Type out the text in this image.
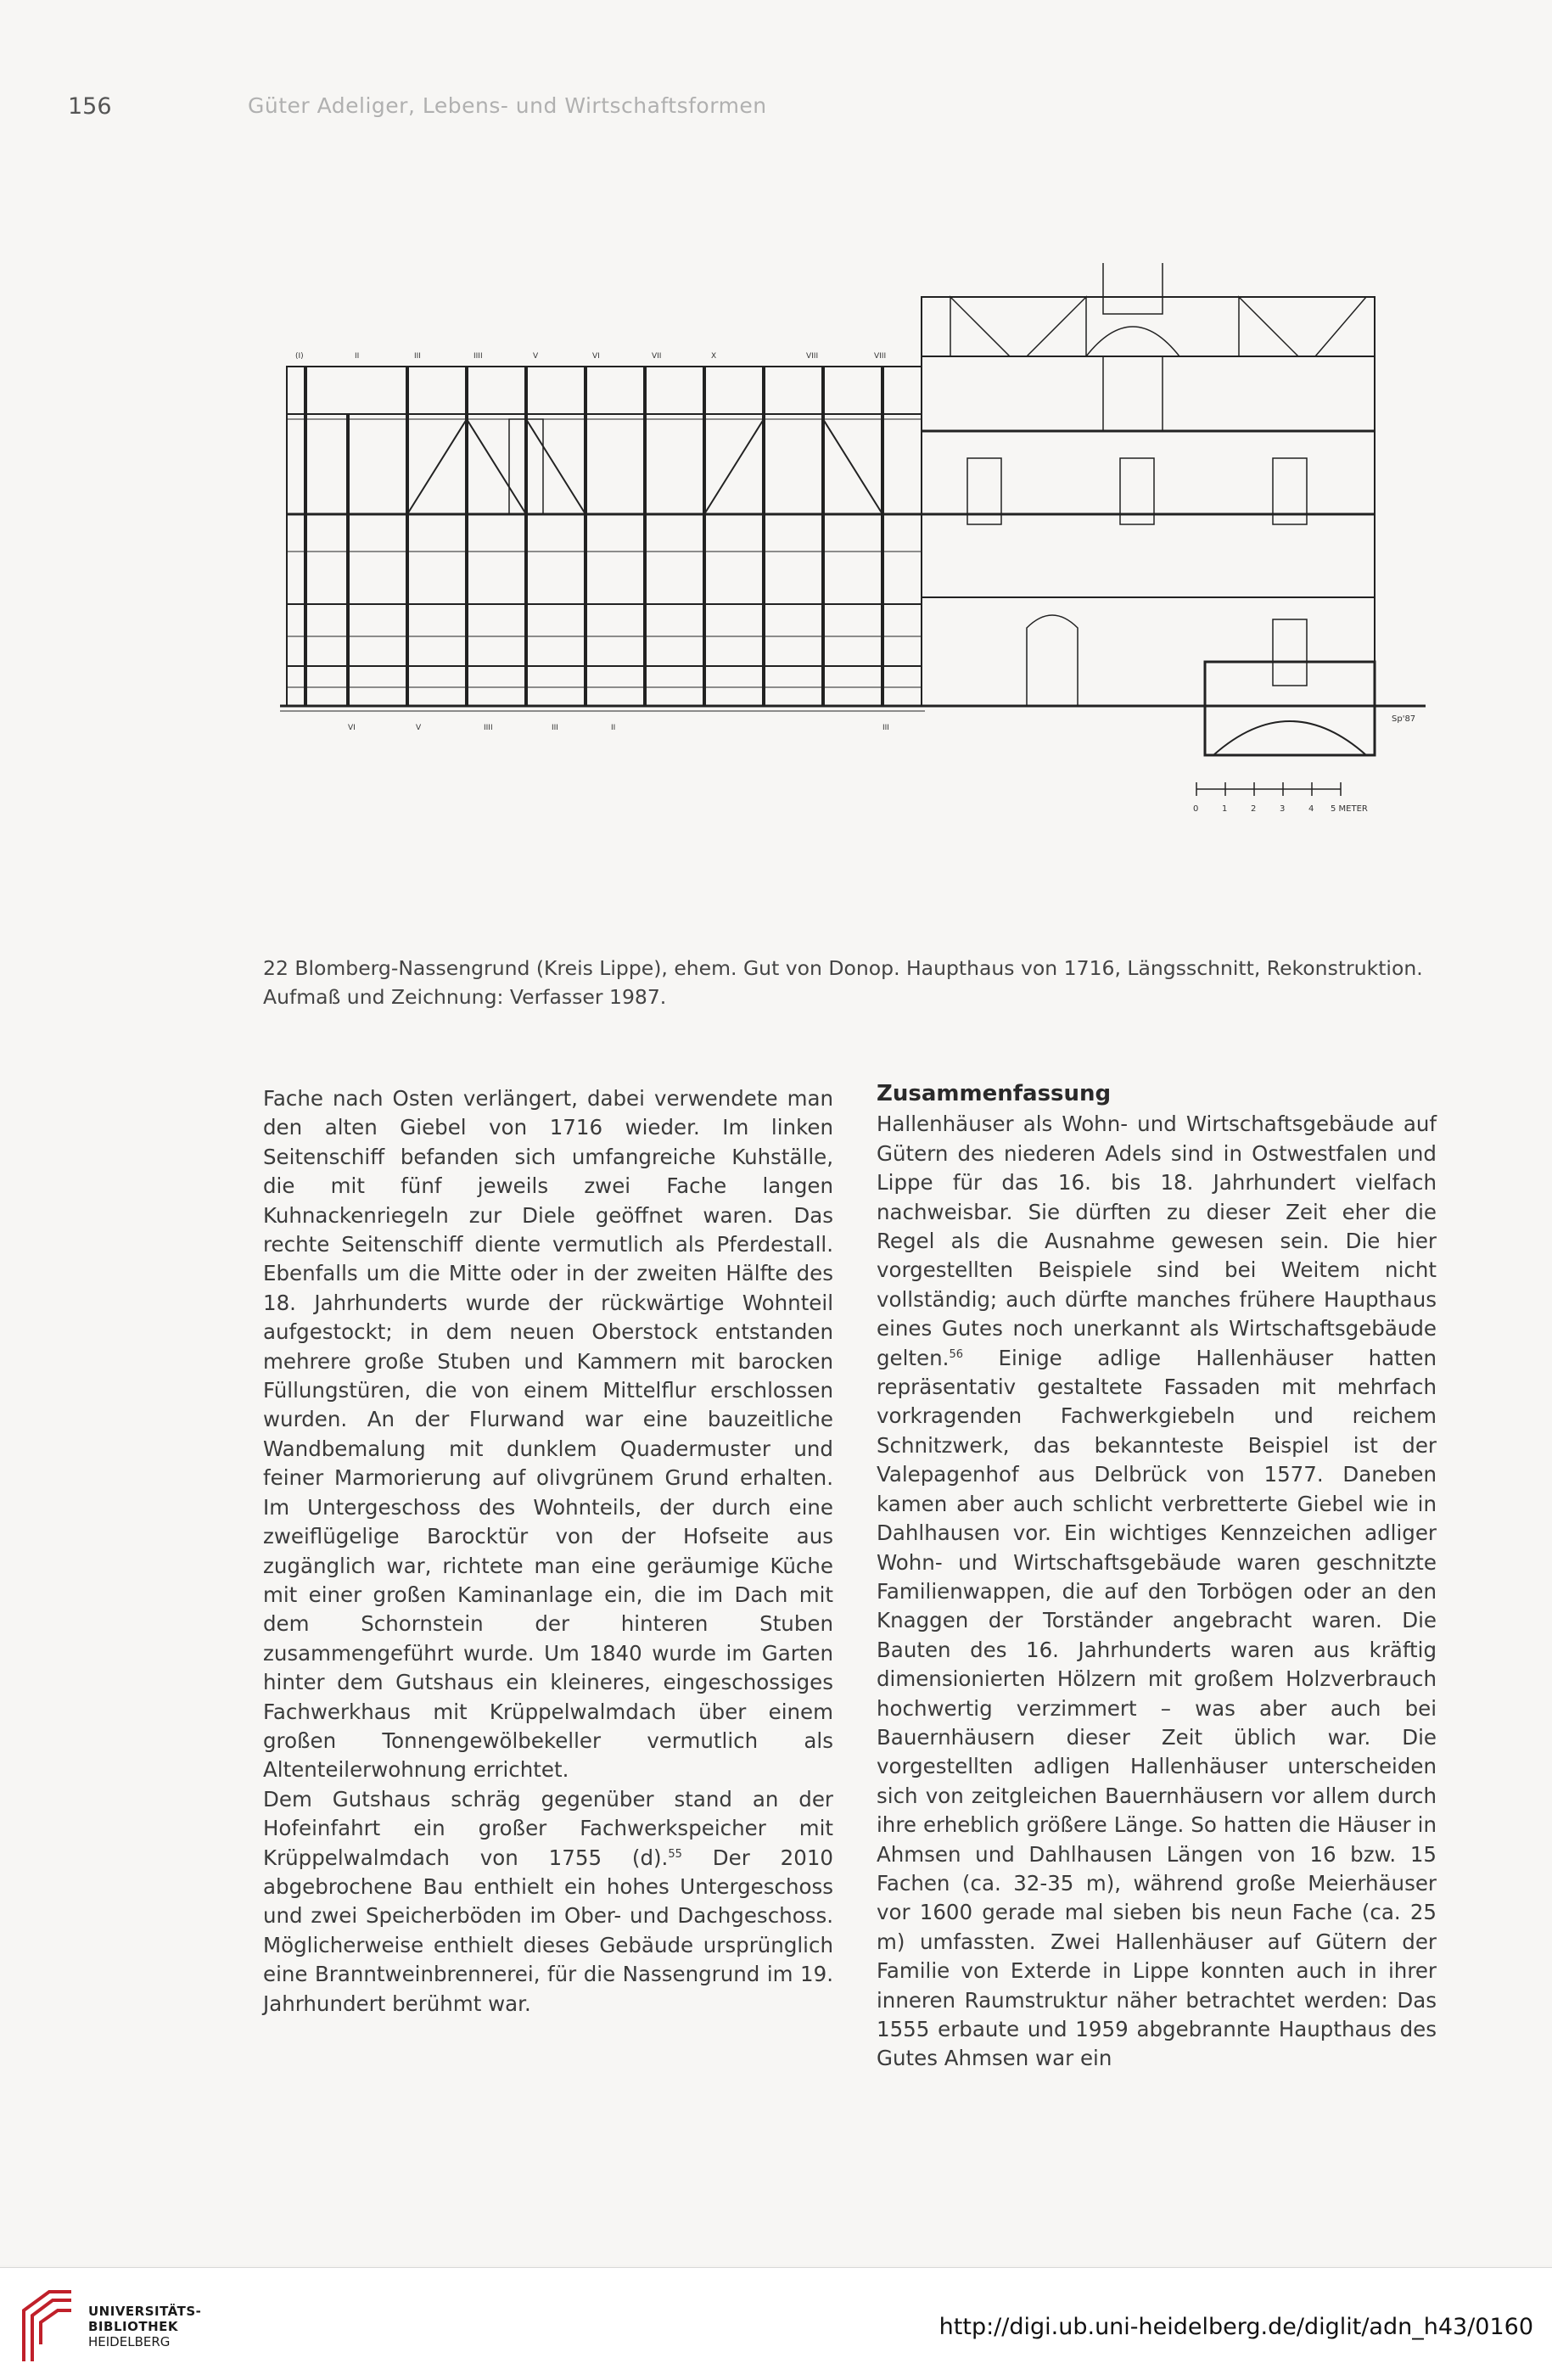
156	Güter Adeliger, Lebens- und Wirtschaftsformen
(I)	II	III	IIII	V	VI	VII	X	VIII	VIII
VI	V	IIII	III	II	III
0	1	2	3	4 5 METER
Sp'87
22 Blomberg-Nassengrund (Kreis Lippe), ehem. Gut von Donop. Haupthaus von 1716, Längsschnitt, Rekonstruktion. Aufmaß und Zeichnung: Verfasser 1987.

Fache nach Osten verlängert, dabei verwendete man den alten Giebel von 1716 wieder. Im linken Seitenschiff befanden sich umfangreiche Kuhställe, die mit fünf jeweils zwei Fache langen Kuhnackenriegeln zur Diele geöffnet waren. Das rechte Seitenschiff diente vermutlich als Pferdestall. Ebenfalls um die Mitte oder in der zweiten Hälfte des 18. Jahrhunderts wurde der rückwärtige Wohnteil aufgestockt; in dem neuen Oberstock entstanden mehrere große Stuben und Kammern mit barocken Füllungstüren, die von einem Mittelflur erschlossen wurden. An der Flurwand war eine bauzeitliche Wandbemalung mit dunklem Quadermuster und feiner Marmorierung auf olivgrünem Grund erhalten. Im Untergeschoss des Wohnteils, der durch eine zweiflügelige Barocktür von der Hofseite aus zugänglich war, richtete man eine geräumige Küche mit einer großen Kaminanlage ein, die im Dach mit dem Schornstein der hinteren Stuben zusammengeführt wurde. Um 1840 wurde im Garten hinter dem Gutshaus ein kleineres, eingeschossiges Fachwerkhaus mit Krüppelwalmdach über einem großen Tonnengewölbekeller vermutlich als Altenteilerwohnung errichtet.

Dem Gutshaus schräg gegenüber stand an der Hofeinfahrt ein großer Fachwerkspeicher mit Krüppelwalmdach von 1755 (d).$^{55}$ Der 2010 abgebrochene Bau enthielt ein hohes Untergeschoss und zwei Speicherböden im Ober- und Dachgeschoss. Möglicherweise enthielt dieses Gebäude ursprünglich eine Branntweinbrennerei, für die Nassengrund im 19. Jahrhundert berühmt war.

Zusammenfassung

Hallenhäuser als Wohn- und Wirtschaftsgebäude auf Gütern des niederen Adels sind in Ostwestfalen und Lippe für das 16. bis 18. Jahrhundert vielfach nachweisbar. Sie dürften zu dieser Zeit eher die Regel als die Ausnahme gewesen sein. Die hier vorgestellten Beispiele sind bei Weitem nicht vollständig; auch dürfte manches frühere Haupthaus eines Gutes noch unerkannt als Wirtschaftsgebäude gelten.$^{56}$ Einige adlige Hallenhäuser hatten repräsentativ gestaltete Fassaden mit mehrfach vorkragenden Fachwerkgiebeln und reichem Schnitzwerk, das bekannteste Beispiel ist der Valepagenhof aus Delbrück von 1577. Daneben kamen aber auch schlicht verbretterte Giebel wie in Dahlhausen vor. Ein wichtiges Kennzeichen adliger Wohn- und Wirtschaftsgebäude waren geschnitzte Familienwappen, die auf den Torbögen oder an den Knaggen der Torständer angebracht waren. Die Bauten des 16. Jahrhunderts waren aus kräftig dimensionierten Hölzern mit großem Holzverbrauch hochwertig verzimmert – was aber auch bei Bauernhäusern dieser Zeit üblich war. Die vorgestellten adligen Hallenhäuser unterscheiden sich von zeitgleichen Bauernhäusern vor allem durch ihre erheblich größere Länge. So hatten die Häuser in Ahmsen und Dahlhausen Längen von 16 bzw. 15 Fachen (ca. 32-35 m), während große Meierhäuser vor 1600 gerade mal sieben bis neun Fache (ca. 25 m) umfassten. Zwei Hallenhäuser auf Gütern der Familie von Exterde in Lippe konnten auch in ihrer inneren Raumstruktur näher betrachtet werden: Das 1555 erbaute und 1959 abgebrannte Haupthaus des Gutes Ahmsen war ein

UNIVERSITÄTS-
BIBLIOTHEK
HEIDELBERG
http://digi.ub.uni-heidelberg.de/diglit/adn_h43/0160
